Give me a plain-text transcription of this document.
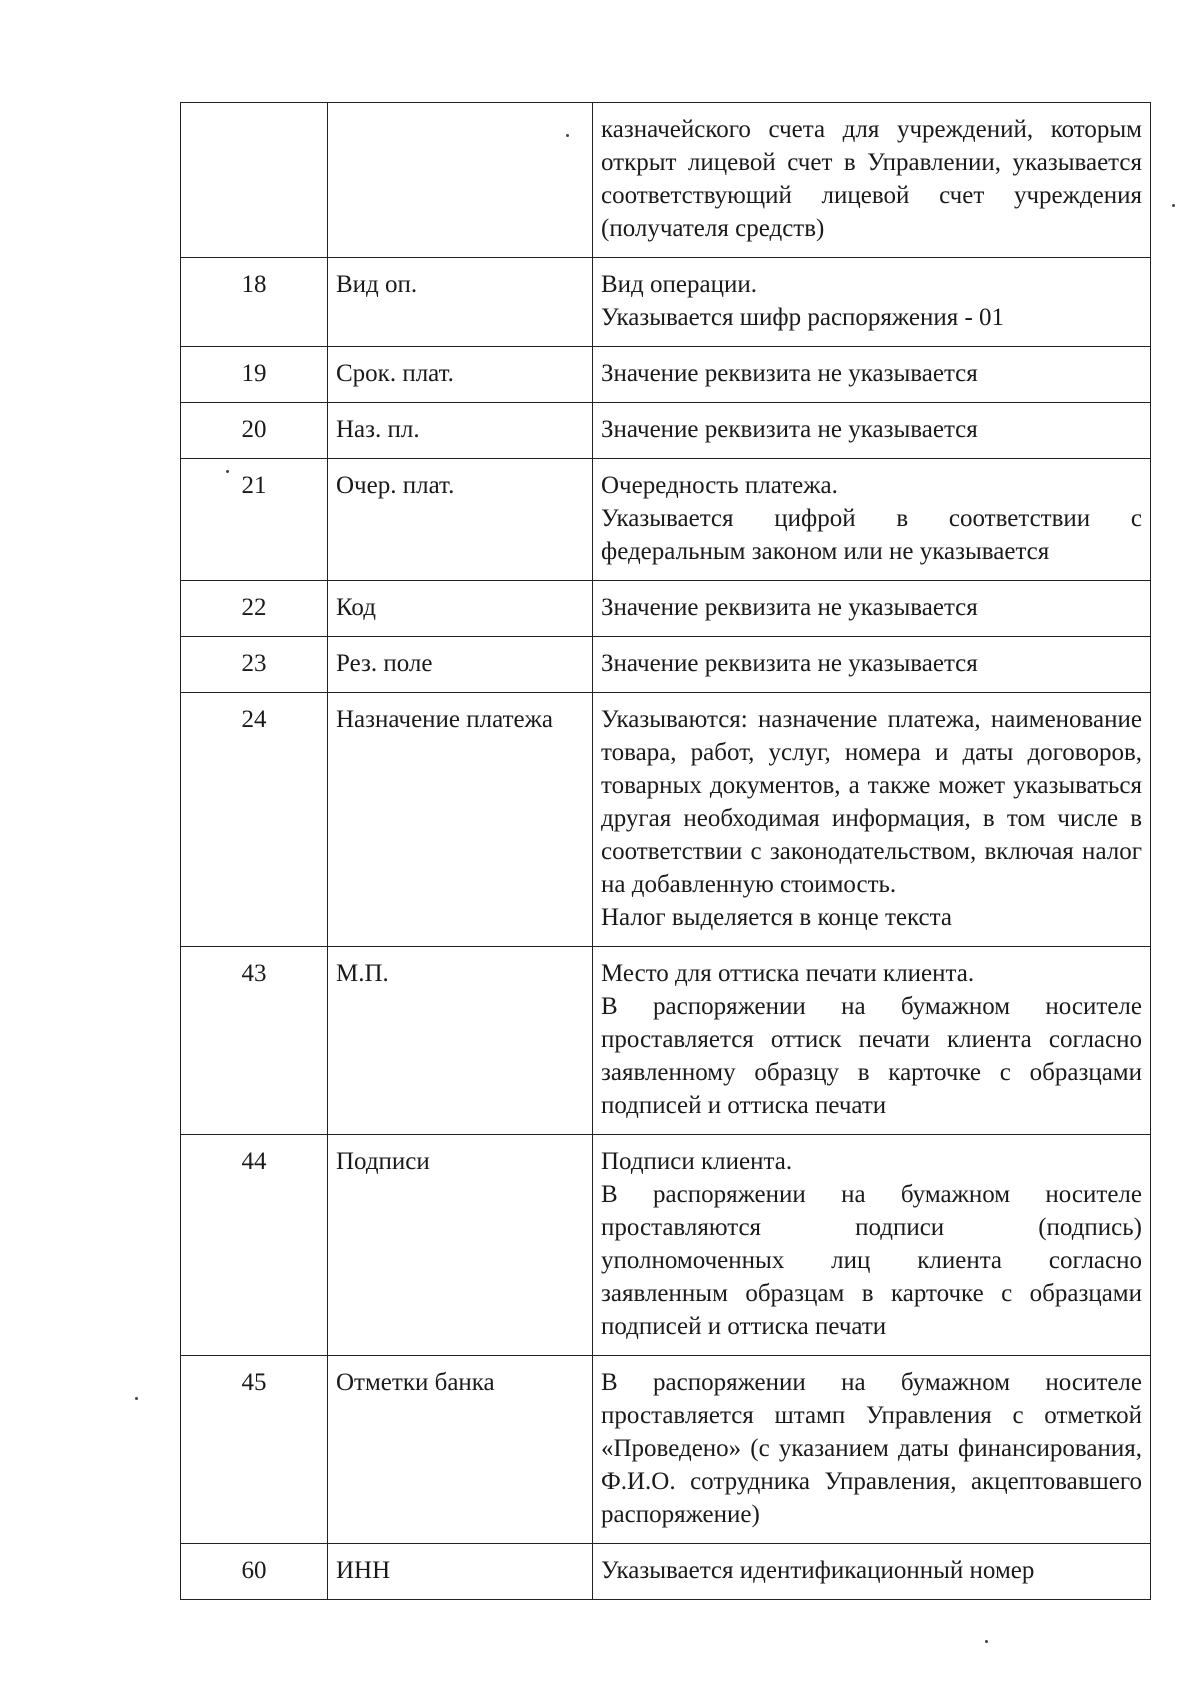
		казначейского счета для учреждений, которым открыт лицевой счет в Управлении, указывается соответствующий лицевой счет учреждения (получателя средств)

18	Вид оп.	Вид операции.

Указывается шифр распоряжения - 01

19	Срок. плат.	Значение реквизита не указывается

20	Наз. пл.	Значение реквизита не указывается

21	Очер. плат.	Очередность платежа.

Указывается цифрой в соответствии с федеральным законом или не указывается

22	Код	Значение реквизита не указывается

23	Рез. поле	Значение реквизита не указывается

24	Назначение платежа	Указываются: назначение платежа, наименование товара, работ, услуг, номера и даты договоров, товарных документов, а также может указываться другая необходимая информация, в том числе в соответствии с законодательством, включая налог на добавленную стоимость.

Налог выделяется в конце текста

43	М.П.	Место для оттиска печати клиента.

В распоряжении на бумажном носителе проставляется оттиск печати клиента согласно заявленному образцу в карточке с образцами подписей и оттиска печати

44	Подписи	Подписи клиента.

В распоряжении на бумажном носителе проставляются подписи (подпись) уполномоченных лиц клиента согласно заявленным образцам в карточке с образцами подписей и оттиска печати

45	Отметки банка	В распоряжении на бумажном носителе проставляется штамп Управления с отметкой «Проведено» (с указанием даты финансирования, Ф.И.О. сотрудника Управления, акцептовавшего распоряжение)

60	ИНН	Указывается идентификационный номер
